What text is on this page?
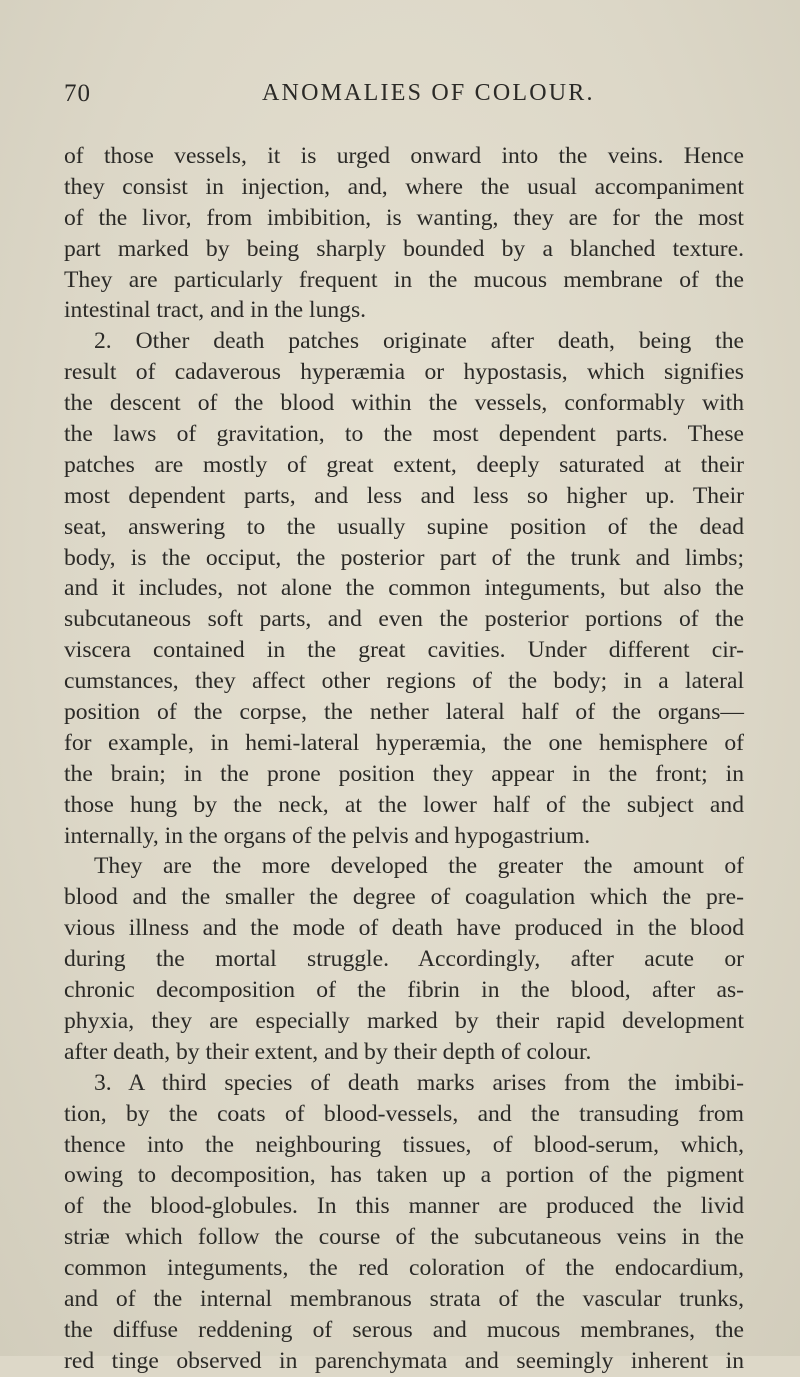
70	ANOMALIES OF COLOUR.
of those vessels, it is urged onward into the veins. Hence
they consist in injection, and, where the usual accompaniment
of the livor, from imbibition, is wanting, they are for the most
part marked by being sharply bounded by a blanched texture.
They are particularly frequent in the mucous membrane of the
intestinal tract, and in the lungs.
2. Other death patches originate after death, being the
result of cadaverous hyperæmia or hypostasis, which signifies
the descent of the blood within the vessels, conformably with
the laws of gravitation, to the most dependent parts. These
patches are mostly of great extent, deeply saturated at their
most dependent parts, and less and less so higher up. Their
seat, answering to the usually supine position of the dead
body, is the occiput, the posterior part of the trunk and limbs;
and it includes, not alone the common integuments, but also the
subcutaneous soft parts, and even the posterior portions of the
viscera contained in the great cavities. Under different cir-
cumstances, they affect other regions of the body; in a lateral
position of the corpse, the nether lateral half of the organs—
for example, in hemi-lateral hyperæmia, the one hemisphere of
the brain; in the prone position they appear in the front; in
those hung by the neck, at the lower half of the subject and
internally, in the organs of the pelvis and hypogastrium.
They are the more developed the greater the amount of
blood and the smaller the degree of coagulation which the pre-
vious illness and the mode of death have produced in the blood
during the mortal struggle. Accordingly, after acute or
chronic decomposition of the fibrin in the blood, after as-
phyxia, they are especially marked by their rapid development
after death, by their extent, and by their depth of colour.
3. A third species of death marks arises from the imbibi-
tion, by the coats of blood-vessels, and the transuding from
thence into the neighbouring tissues, of blood-serum, which,
owing to decomposition, has taken up a portion of the pigment
of the blood-globules. In this manner are produced the livid
striæ which follow the course of the subcutaneous veins in the
common integuments, the red coloration of the endocardium,
and of the internal membranous strata of the vascular trunks,
the diffuse reddening of serous and mucous membranes, the
red tinge observed in parenchymata and seemingly inherent in
